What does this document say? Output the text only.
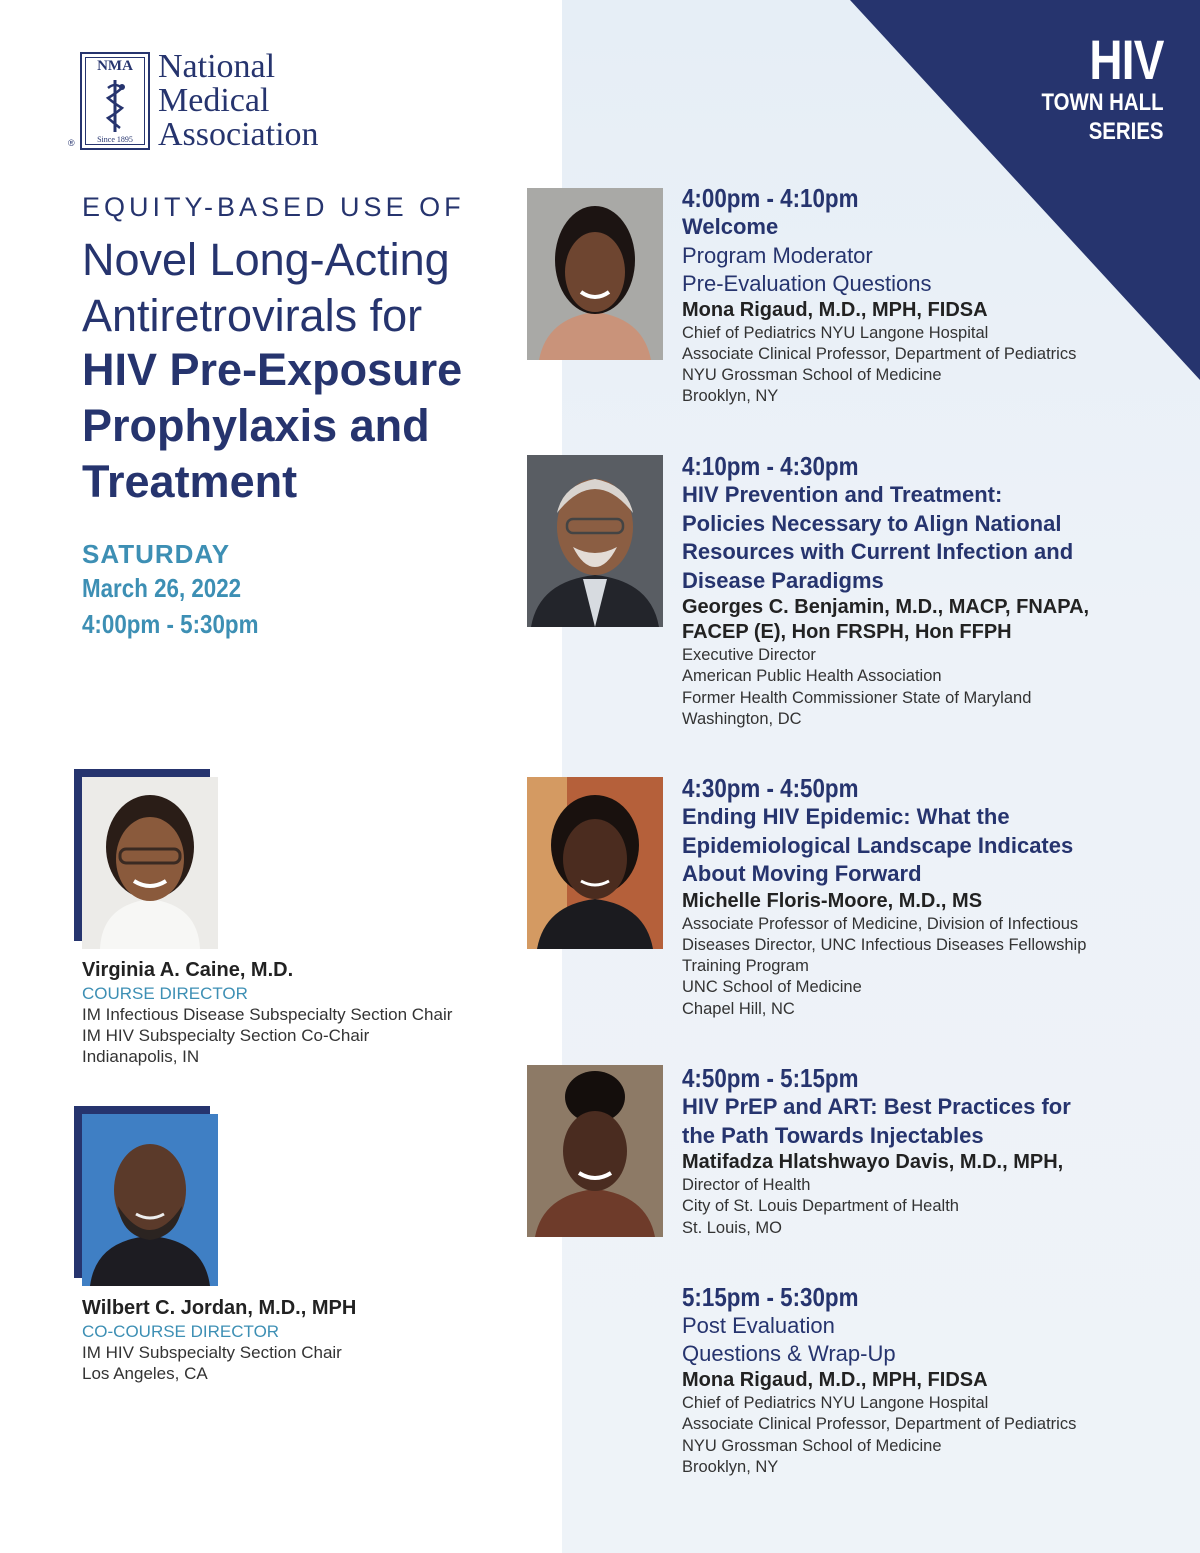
HIV
TOWN HALL
SERIES
NMA
Since 1895
®
National
Medical
Association
EQUITY-BASED USE OF
Novel Long-Acting
Antiretrovirals for
HIV Pre-Exposure
Prophylaxis and
Treatment
SATURDAY
March 26, 2022
4:00pm - 5:30pm
Virginia A. Caine, M.D.
COURSE DIRECTOR
IM Infectious Disease Subspecialty Section Chair
IM HIV Subspecialty Section Co-Chair
Indianapolis, IN
Wilbert C. Jordan, M.D., MPH
CO-COURSE DIRECTOR
IM HIV Subspecialty Section Chair
Los Angeles, CA
4:00pm - 4:10pm
Welcome
Program Moderator
Pre-Evaluation Questions
Mona Rigaud, M.D., MPH, FIDSA
Chief of Pediatrics NYU Langone Hospital
Associate Clinical Professor, Department of Pediatrics
NYU Grossman School of Medicine
Brooklyn, NY
4:10pm - 4:30pm
HIV Prevention and Treatment:
Policies Necessary to Align National
Resources with Current Infection and
Disease Paradigms
Georges C. Benjamin, M.D., MACP, FNAPA,
FACEP (E), Hon FRSPH, Hon FFPH
Executive Director
American Public Health Association
Former Health Commissioner State of Maryland
Washington, DC
4:30pm - 4:50pm
Ending HIV Epidemic: What the
Epidemiological Landscape Indicates
About Moving Forward
Michelle Floris-Moore, M.D., MS
Associate Professor of Medicine, Division of Infectious
Diseases Director, UNC Infectious Diseases Fellowship
Training Program
UNC School of Medicine
Chapel Hill, NC
4:50pm - 5:15pm
HIV PrEP and ART: Best Practices for
the Path Towards Injectables
Matifadza Hlatshwayo Davis, M.D., MPH,
Director of Health
City of St. Louis Department of Health
St. Louis, MO
5:15pm - 5:30pm
Post Evaluation
Questions & Wrap-Up
Mona Rigaud, M.D., MPH, FIDSA
Chief of Pediatrics NYU Langone Hospital
Associate Clinical Professor, Department of Pediatrics
NYU Grossman School of Medicine
Brooklyn, NY
